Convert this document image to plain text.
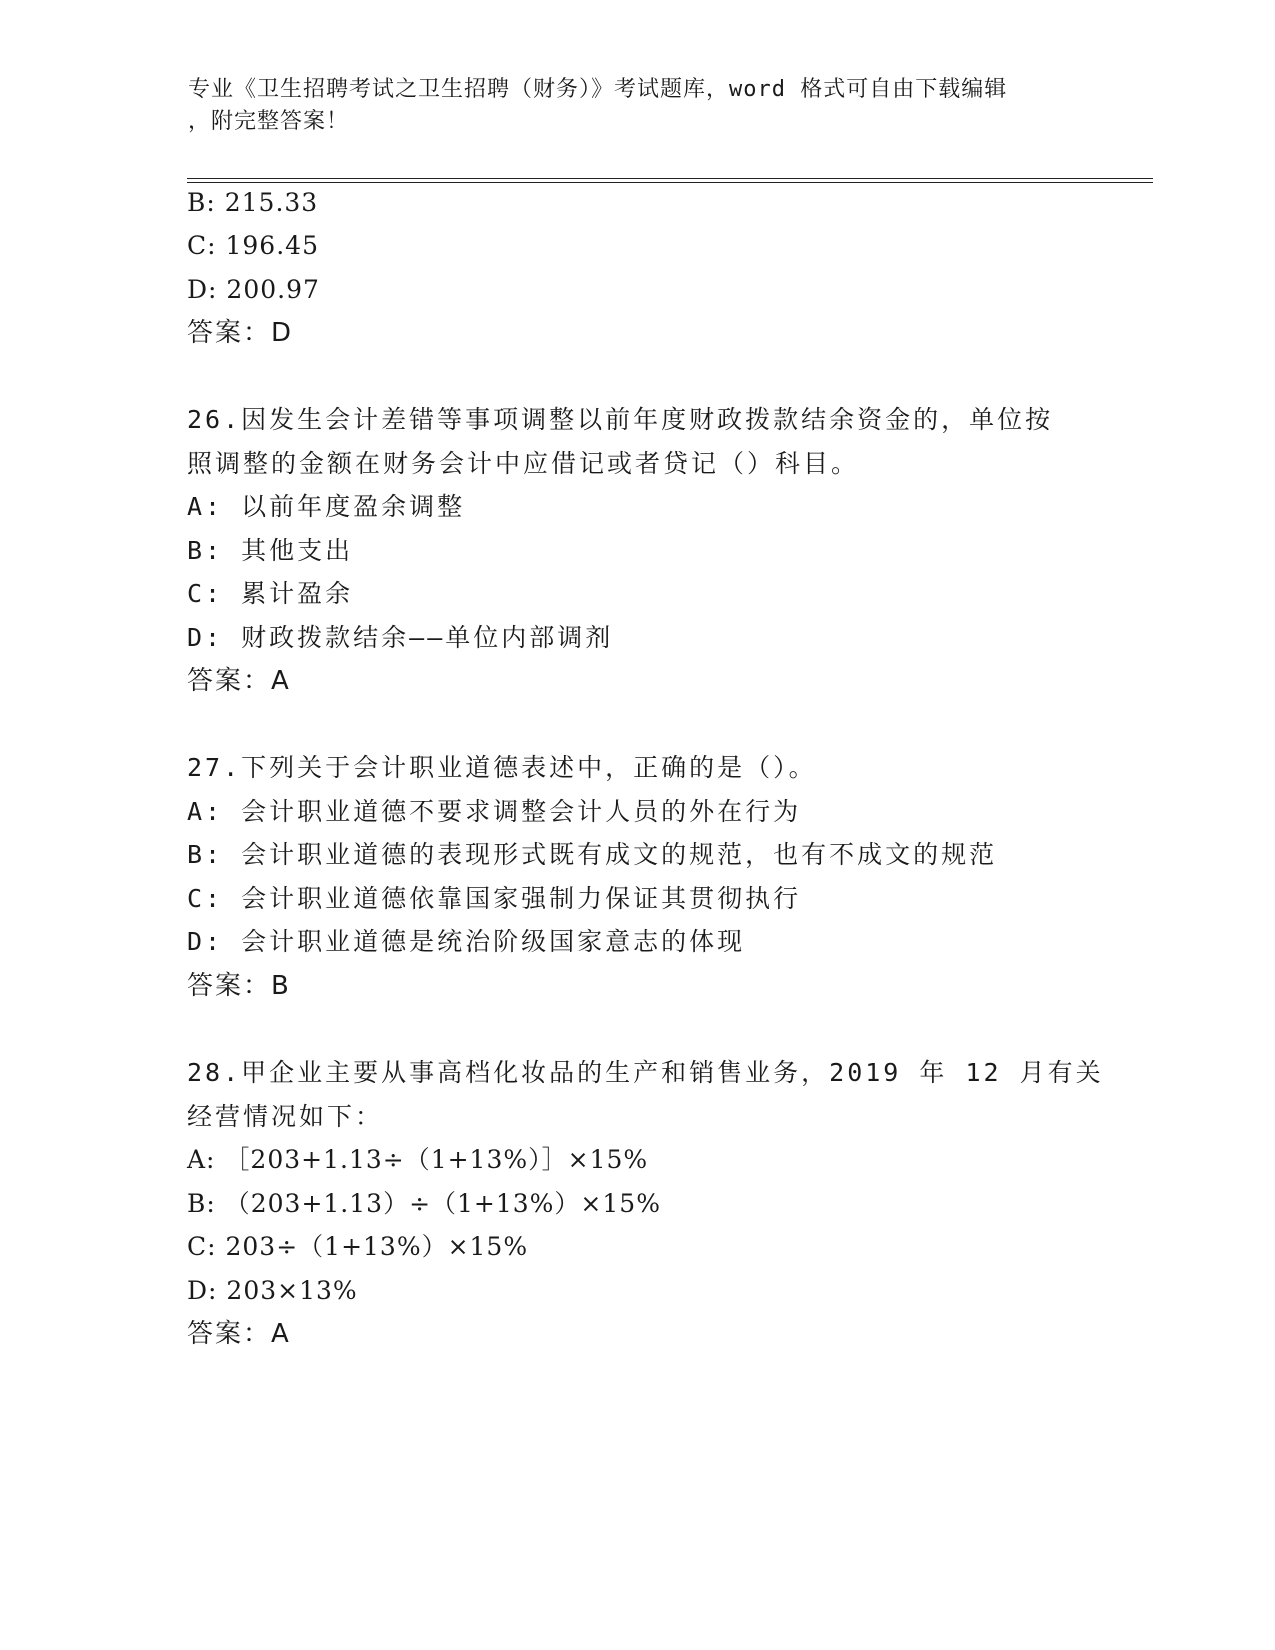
专业《卫生招聘考试之卫生招聘（财务）》考试题库，word 格式可自由下载编辑
，附完整答案！
B: 215.33
C: 196.45
D: 200.97
答案：D
26.因发生会计差错等事项调整以前年度财政拨款结余资金的，单位按
照调整的金额在财务会计中应借记或者贷记（）科目。
A: 以前年度盈余调整
B: 其他支出
C: 累计盈余
D: 财政拨款结余——单位内部调剂
答案：A
27.下列关于会计职业道德表述中，正确的是（）。
A: 会计职业道德不要求调整会计人员的外在行为
B: 会计职业道德的表现形式既有成文的规范，也有不成文的规范
C: 会计职业道德依靠国家强制力保证其贯彻执行
D: 会计职业道德是统治阶级国家意志的体现
答案：B
28.甲企业主要从事高档化妆品的生产和销售业务，2019 年 12 月有关
经营情况如下：
A: ［203+1.13÷（1+13%）］×15%
B: （203+1.13）÷（1+13%）×15%
C: 203÷（1+13%）×15%
D: 203×13%
答案：A
